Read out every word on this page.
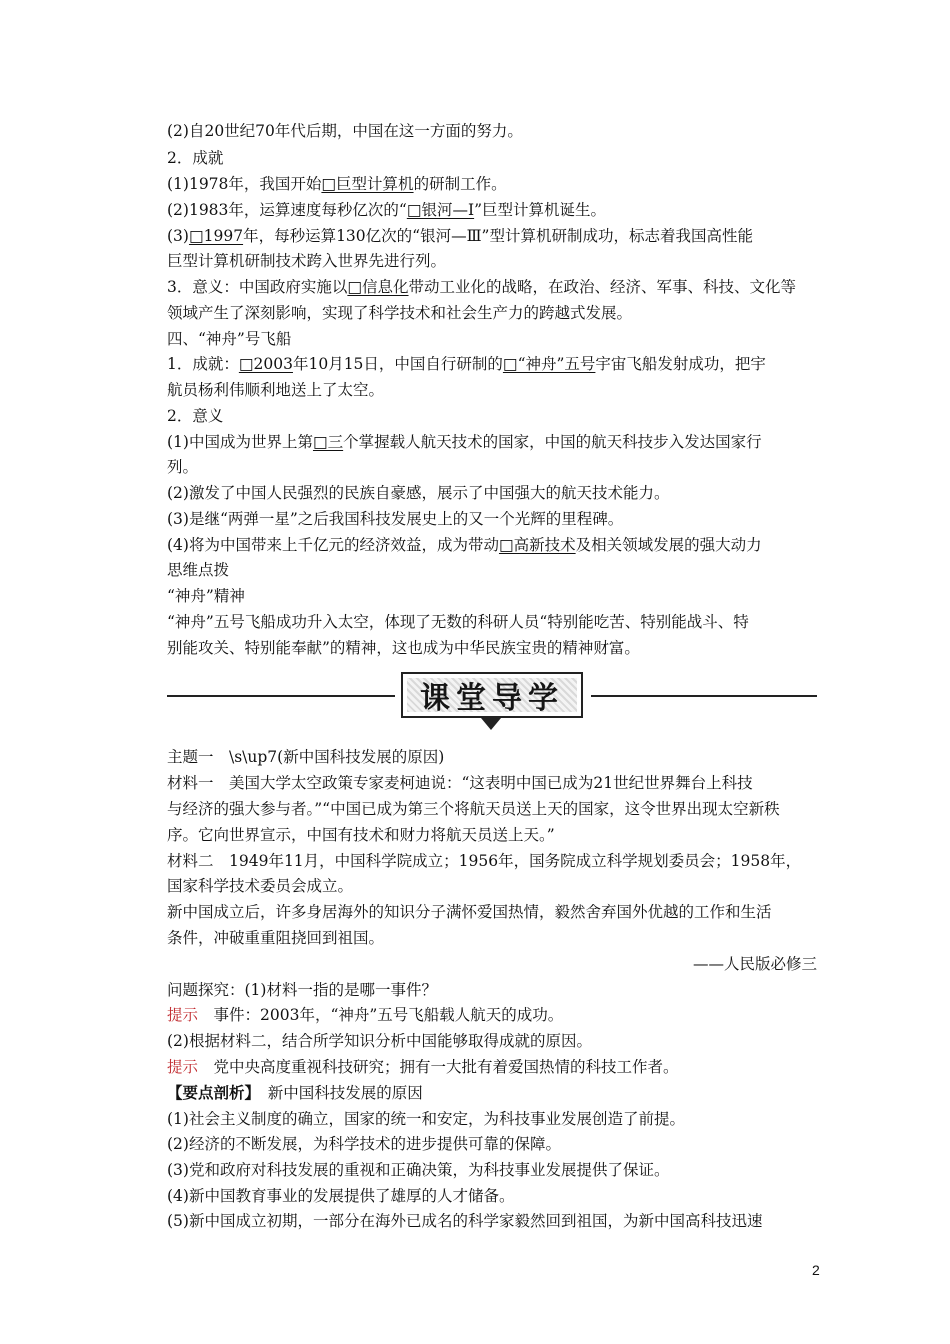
(2)自20世纪70年代后期，中国在这一方面的努力。
2．成就
(1)1978年，我国开始□巨型计算机的研制工作。
(2)1983年，运算速度每秒亿次的“□银河—Ⅰ”巨型计算机诞生。
(3)□1997年，每秒运算130亿次的“银河—Ⅲ”型计算机研制成功，标志着我国高性能
巨型计算机研制技术跨入世界先进行列。
3．意义：中国政府实施以□信息化带动工业化的战略，在政治、经济、军事、科技、文化等
领域产生了深刻影响，实现了科学技术和社会生产力的跨越式发展。
四、“神舟”号飞船
1．成就：□2003年10月15日，中国自行研制的□“神舟”五号宇宙飞船发射成功，把宇
航员杨利伟顺利地送上了太空。
2．意义
(1)中国成为世界上第□三个掌握载人航天技术的国家，中国的航天科技步入发达国家行
列。
(2)激发了中国人民强烈的民族自豪感，展示了中国强大的航天技术能力。
(3)是继“两弹一星”之后我国科技发展史上的又一个光辉的里程碑。
(4)将为中国带来上千亿元的经济效益，成为带动□高新技术及相关领域发展的强大动力
思维点拨
“神舟”精神
“神舟”五号飞船成功升入太空，体现了无数的科研人员“特别能吃苦、特别能战斗、特
别能攻关、特别能奉献”的精神，这也成为中华民族宝贵的精神财富。
课堂导学
主题一　\s\up7(新中国科技发展的原因)
材料一　美国大学太空政策专家麦柯迪说：“这表明中国已成为21世纪世界舞台上科技
与经济的强大参与者。”“中国已成为第三个将航天员送上天的国家，这令世界出现太空新秩
序。它向世界宣示，中国有技术和财力将航天员送上天。”
材料二　1949年11月，中国科学院成立；1956年，国务院成立科学规划委员会；1958年，
国家科学技术委员会成立。
新中国成立后，许多身居海外的知识分子满怀爱国热情，毅然舍弃国外优越的工作和生活
条件，冲破重重阻挠回到祖国。
——人民版必修三
问题探究：(1)材料一指的是哪一事件？
提示　事件：2003年，“神舟”五号飞船载人航天的成功。
(2)根据材料二，结合所学知识分析中国能够取得成就的原因。
提示　党中央高度重视科技研究；拥有一大批有着爱国热情的科技工作者。
【要点剖析】　新中国科技发展的原因
(1)社会主义制度的确立，国家的统一和安定，为科技事业发展创造了前提。
(2)经济的不断发展，为科学技术的进步提供可靠的保障。
(3)党和政府对科技发展的重视和正确决策，为科技事业发展提供了保证。
(4)新中国教育事业的发展提供了雄厚的人才储备。
(5)新中国成立初期，一部分在海外已成名的科学家毅然回到祖国，为新中国高科技迅速
2
